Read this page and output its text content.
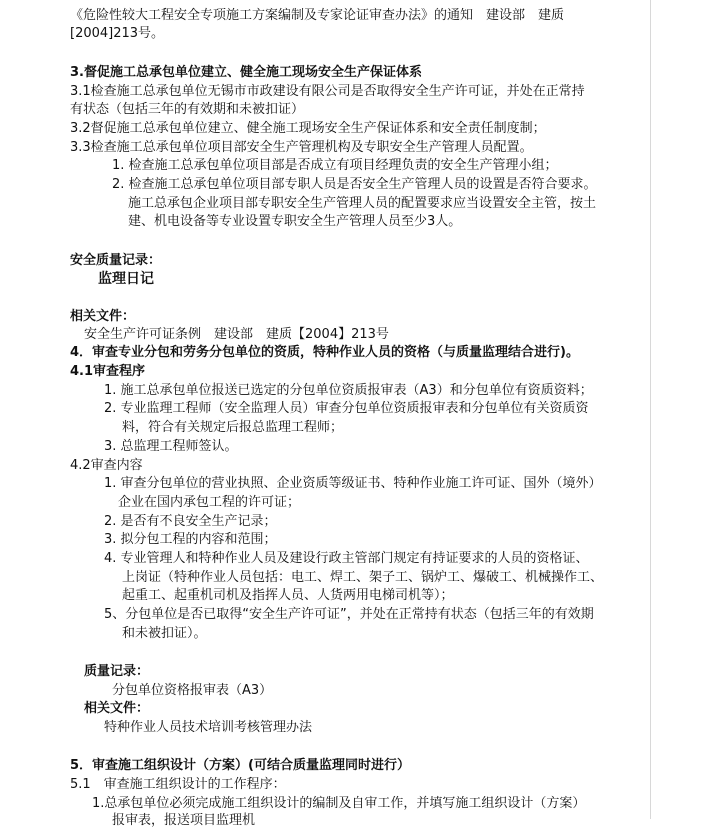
《危险性较大工程安全专项施工方案编制及专家论证审查办法》的通知　建设部　建质
[2004]213号。
3.督促施工总承包单位建立、健全施工现场安全生产保证体系
3.1检查施工总承包单位无锡市市政建设有限公司是否取得安全生产许可证，并处在正常持
有状态（包括三年的有效期和未被扣证）
3.2督促施工总承包单位建立、健全施工现场安全生产保证体系和安全责任制度制；
3.3检查施工总承包单位项目部安全生产管理机构及专职安全生产管理人员配置。
1. 检查施工总承包单位项目部是否成立有项目经理负责的安全生产管理小组；
2. 检查施工总承包单位项目部专职人员是否安全生产管理人员的设置是否符合要求。
施工总承包企业项目部专职安全生产管理人员的配置要求应当设置安全主管，按土
建、机电设备等专业设置专职安全生产管理人员至少3人。
安全质量记录：
监理日记
相关文件：
安全生产许可证条例　建设部　建质【2004】213号
4．审查专业分包和劳务分包单位的资质，特种作业人员的资格（与质量监理结合进行)。
4.1审查程序
1. 施工总承包单位报送已选定的分包单位资质报审表（A3）和分包单位有资质资料；
2. 专业监理工程师（安全监理人员）审查分包单位资质报审表和分包单位有关资质资
料，符合有关规定后报总监理工程师；
3. 总监理工程师签认。
4.2审查内容
1. 审查分包单位的营业执照、企业资质等级证书、特种作业施工许可证、国外（境外）
企业在国内承包工程的许可证；
2. 是否有不良安全生产记录；
3. 拟分包工程的内容和范围；
4. 专业管理人和特种作业人员及建设行政主管部门规定有持证要求的人员的资格证、
上岗证（特种作业人员包括：电工、焊工、架子工、锅炉工、爆破工、机械操作工、
起重工、起重机司机及指挥人员、人货两用电梯司机等）；
5、分包单位是否已取得“安全生产许可证”，并处在正常持有状态（包括三年的有效期
和未被扣证）。
质量记录：
分包单位资格报审表（A3）
相关文件：
特种作业人员技术培训考核管理办法
5．审查施工组织设计（方案）(可结合质量监理同时进行）
5.1　审查施工组织设计的工作程序：
1.总承包单位必须完成施工组织设计的编制及自审工作，并填写施工组织设计（方案）
报审表，报送项目监理机
